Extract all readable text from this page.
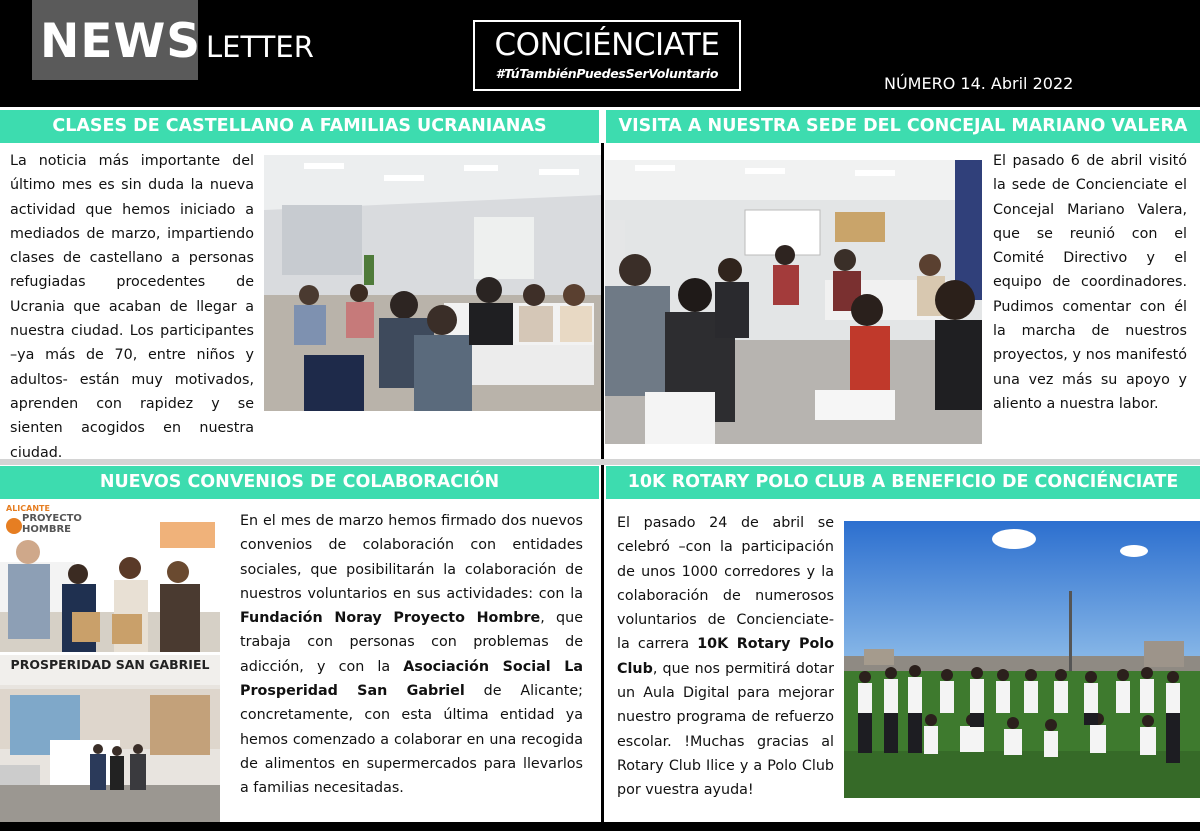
NEWS LETTER	CONCIÉNCIATE
#TúTambiénPuedesSerVoluntario
NÚMERO 14. Abril 2022
CLASES DE CASTELLANO A FAMILIAS UCRANIANAS	VISITA A NUESTRA SEDE DEL CONCEJAL MARIANO VALERA
NUEVOS CONVENIOS DE COLABORACIÓN	10K ROTARY POLO CLUB A BENEFICIO DE CONCIÉNCIATE
La noticia más importante del último mes es sin duda la nueva actividad que hemos iniciado a mediados de marzo, impartiendo clases de castellano a personas refugiadas procedentes de Ucrania que acaban de llegar a nuestra ciudad. Los participantes –ya más de 70, entre niños y adultos- están muy motivados, aprenden con rapidez y se sienten acogidos en nuestra ciudad.
El pasado 6 de abril visitó la sede de Concienciate el Concejal Mariano Valera, que se reunió con el Comité Directivo y el equipo de coordinadores. Pudimos comentar con él la marcha de nuestros proyectos, y nos manifestó una vez más su apoyo y aliento a nuestra labor.
ALICANTE
PROYECTO HOMBRE
PROSPERIDAD SAN GABRIEL
En el mes de marzo hemos firmado dos nuevos convenios de colaboración con entidades sociales, que posibilitarán la colaboración de nuestros voluntarios en sus actividades: con la Fundación Noray Proyecto Hombre, que trabaja con personas con problemas de adicción, y con la Asociación Social La Prosperidad San Gabriel de Alicante; concretamente, con esta última entidad ya hemos comenzado a colaborar en una recogida de alimentos en supermercados para llevarlos a familias necesitadas.
El pasado 24 de abril se celebró –con la participación de unos 1000 corredores y la colaboración de numerosos voluntarios de Concienciate- la carrera 10K Rotary Polo Club, que nos permitirá dotar un Aula Digital para mejorar nuestro programa de refuerzo escolar. !Muchas gracias al Rotary Club Ilice y a Polo Club por vuestra ayuda!
